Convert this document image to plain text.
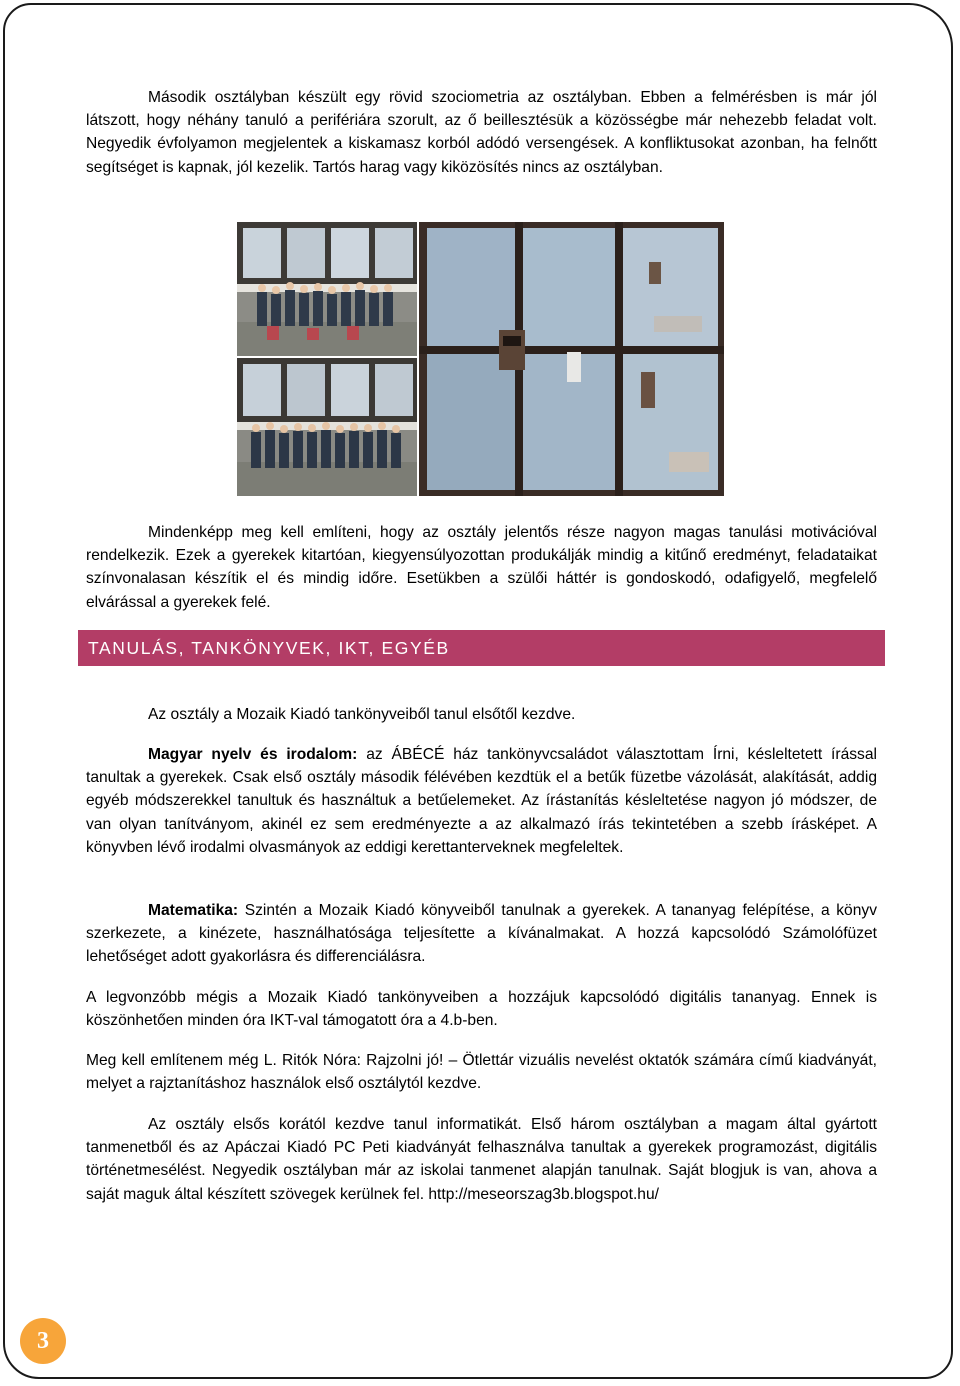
Második osztályban készült egy rövid szociometria az osztályban. Ebben a felmérésben is már jól látszott, hogy néhány tanuló a perifériára szorult, az ő beillesztésük a közösségbe már nehezebb feladat volt. Negyedik évfolyamon megjelentek a kiskamasz korból adódó versengések. A konfliktusokat azonban, ha felnőtt segítséget is kapnak, jól kezelik. Tartós harag vagy kiközösítés nincs az osztályban.

Mindenképp meg kell említeni, hogy az osztály jelentős része nagyon magas tanulási motivációval rendelkezik. Ezek a gyerekek kitartóan, kiegyensúlyozottan produkálják mindig a kitűnő eredményt, feladataikat színvonalasan készítik el és mindig időre. Esetükben a szülői háttér is gondoskodó, odafigyelő, megfelelő elvárással a gyerekek felé.

TANULÁS, TANKÖNYVEK, IKT, EGYÉB

Az osztály a Mozaik Kiadó tankönyveiből tanul elsőtől kezdve.

Magyar nyelv és irodalom: az ÁBÉCÉ ház tankönyvcsaládot választottam Írni, késleltetett írással tanultak a gyerekek. Csak első osztály második félévében kezdtük el a betűk füzetbe vázolását, alakítását, addig egyéb módszerekkel tanultuk és használtuk a betűelemeket. Az írástanítás késleltetése nagyon jó módszer, de van olyan tanítványom, akinél ez sem eredményezte a az alkalmazó írás tekintetében a szebb írásképet. A könyvben lévő irodalmi olvasmányok az eddigi kerettanterveknek megfeleltek.

Matematika: Szintén a Mozaik Kiadó könyveiből tanulnak a gyerekek. A tananyag felépítése, a könyv szerkezete, a kinézete, használhatósága teljesítette a kívánalmakat. A hozzá kapcsolódó Számolófüzet lehetőséget adott gyakorlásra és differenciálásra.

A legvonzóbb mégis a Mozaik Kiadó tankönyveiben a hozzájuk kapcsolódó digitális tananyag. Ennek is köszönhetően minden óra IKT-val támogatott óra a 4.b-ben.

Meg kell említenem még L. Ritók Nóra: Rajzolni jó! – Ötlettár vizuális nevelést oktatók számára című kiadványát, melyet a rajztanításhoz használok első osztálytól kezdve.

Az osztály elsős korától kezdve tanul informatikát. Első három osztályban a magam által gyártott tanmenetből és az Apáczai Kiadó PC Peti kiadványát felhasználva tanultak a gyerekek programozást, digitális történetmesélést. Negyedik osztályban már az iskolai tanmenet alapján tanulnak. Saját blogjuk is van, ahova a saját maguk által készített szövegek kerülnek fel. http://meseorszag3b.blogspot.hu/

3
